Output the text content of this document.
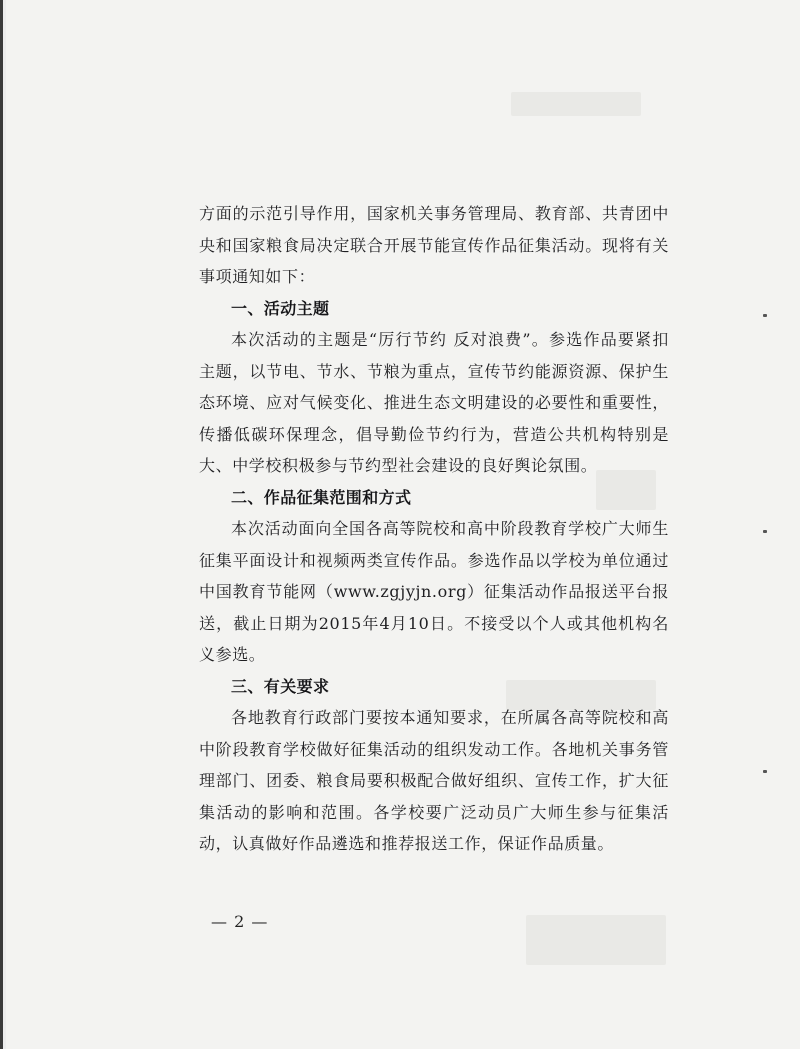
方面的示范引导作用，国家机关事务管理局、教育部、共青团中央和国家粮食局决定联合开展节能宣传作品征集活动。现将有关事项通知如下：

一、活动主题

本次活动的主题是“厉行节约 反对浪费”。参选作品要紧扣主题，以节电、节水、节粮为重点，宣传节约能源资源、保护生态环境、应对气候变化、推进生态文明建设的必要性和重要性，传播低碳环保理念，倡导勤俭节约行为，营造公共机构特别是大、中学校积极参与节约型社会建设的良好舆论氛围。

二、作品征集范围和方式

本次活动面向全国各高等院校和高中阶段教育学校广大师生征集平面设计和视频两类宣传作品。参选作品以学校为单位通过中国教育节能网（www.zgjyjn.org）征集活动作品报送平台报送，截止日期为2015年4月10日。不接受以个人或其他机构名义参选。

三、有关要求

各地教育行政部门要按本通知要求，在所属各高等院校和高中阶段教育学校做好征集活动的组织发动工作。各地机关事务管理部门、团委、粮食局要积极配合做好组织、宣传工作，扩大征集活动的影响和范围。各学校要广泛动员广大师生参与征集活动，认真做好作品遴选和推荐报送工作，保证作品质量。

— 2 —
